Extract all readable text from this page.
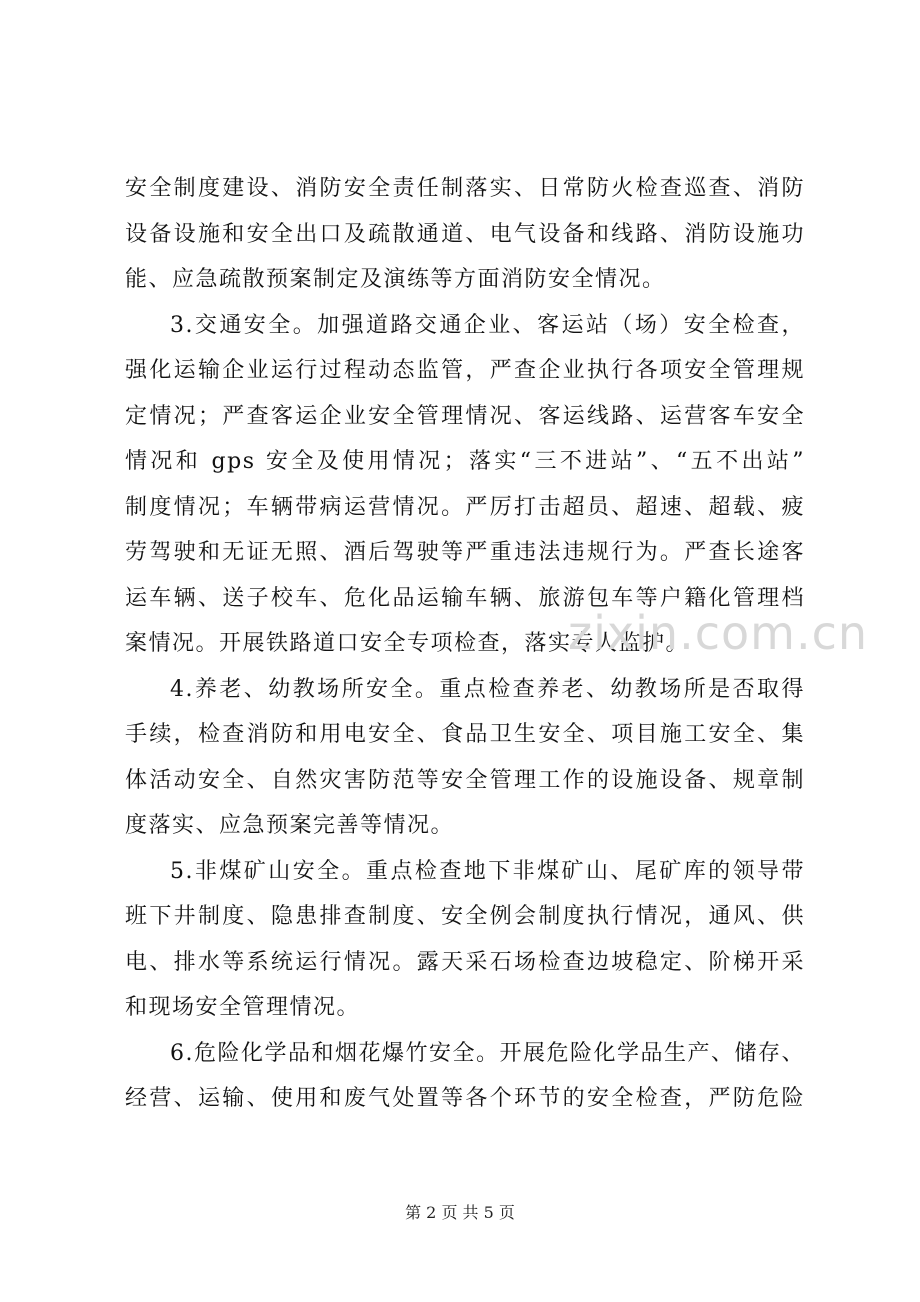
安全制度建设、消防安全责任制落实、日常防火检查巡查、消防
设备设施和安全出口及疏散通道、电气设备和线路、消防设施功
能、应急疏散预案制定及演练等方面消防安全情况。
3.交通安全。加强道路交通企业、客运站（场）安全检查，
强化运输企业运行过程动态监管，严查企业执行各项安全管理规
定情况；严查客运企业安全管理情况、客运线路、运营客车安全
情况和 gps 安全及使用情况；落实“三不进站”、“五不出站”
制度情况；车辆带病运营情况。严厉打击超员、超速、超载、疲
劳驾驶和无证无照、酒后驾驶等严重违法违规行为。严查长途客
运车辆、送子校车、危化品运输车辆、旅游包车等户籍化管理档
案情况。开展铁路道口安全专项检查，落实专人监护。
4.养老、幼教场所安全。重点检查养老、幼教场所是否取得
手续，检查消防和用电安全、食品卫生安全、项目施工安全、集
体活动安全、自然灾害防范等安全管理工作的设施设备、规章制
度落实、应急预案完善等情况。
5.非煤矿山安全。重点检查地下非煤矿山、尾矿库的领导带
班下井制度、隐患排查制度、安全例会制度执行情况，通风、供
电、排水等系统运行情况。露天采石场检查边坡稳定、阶梯开采
和现场安全管理情况。
6.危险化学品和烟花爆竹安全。开展危险化学品生产、储存、
经营、运输、使用和废气处置等各个环节的安全检查，严防危险
zixin.com.cn
第 2 页 共 5 页
